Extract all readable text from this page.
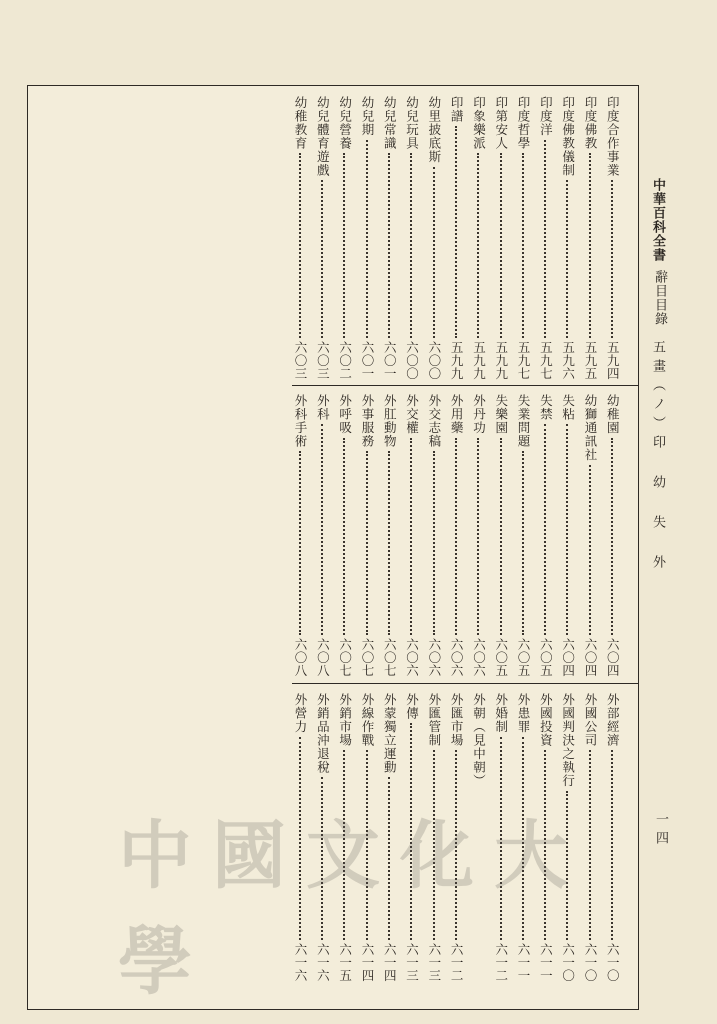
中華百科全書
辭目目錄
五畫（ノ）印 幼 失 外
一四
印度合作事業
五九四
印度佛教
五九五
印度佛教儀制
五九六
印度洋
五九七
印度哲學
五九七
印第安人
五九九
印象樂派
五九九
印譜
五九九
幼里披底斯
六〇〇
幼兒玩具
六〇〇
幼兒常識
六〇一
幼兒期
六〇一
幼兒營養
六〇二
幼兒體育遊戲
六〇三
幼稚教育
六〇三
幼稚園
六〇四
幼獅通訊社
六〇四
失粘
六〇四
失禁
六〇五
失業問題
六〇五
失樂園
六〇五
外丹功
六〇六
外用藥
六〇六
外交志稿
六〇六
外交權
六〇六
外肛動物
六〇七
外事服務
六〇七
外呼吸
六〇七
外科
六〇八
外科手術
六〇八
外部經濟
六一〇
外國公司
六一〇
外國判決之執行
六一〇
外國投資
六一一
外患罪
六一一
外婚制
六一二
外朝（見中朝）
外匯市場
六一二
外匯管制
六一三
外傳
六一三
外蒙獨立運動
六一四
外線作戰
六一四
外銷市場
六一五
外銷品沖退稅
六一六
外營力
六一六
中國文化大學
